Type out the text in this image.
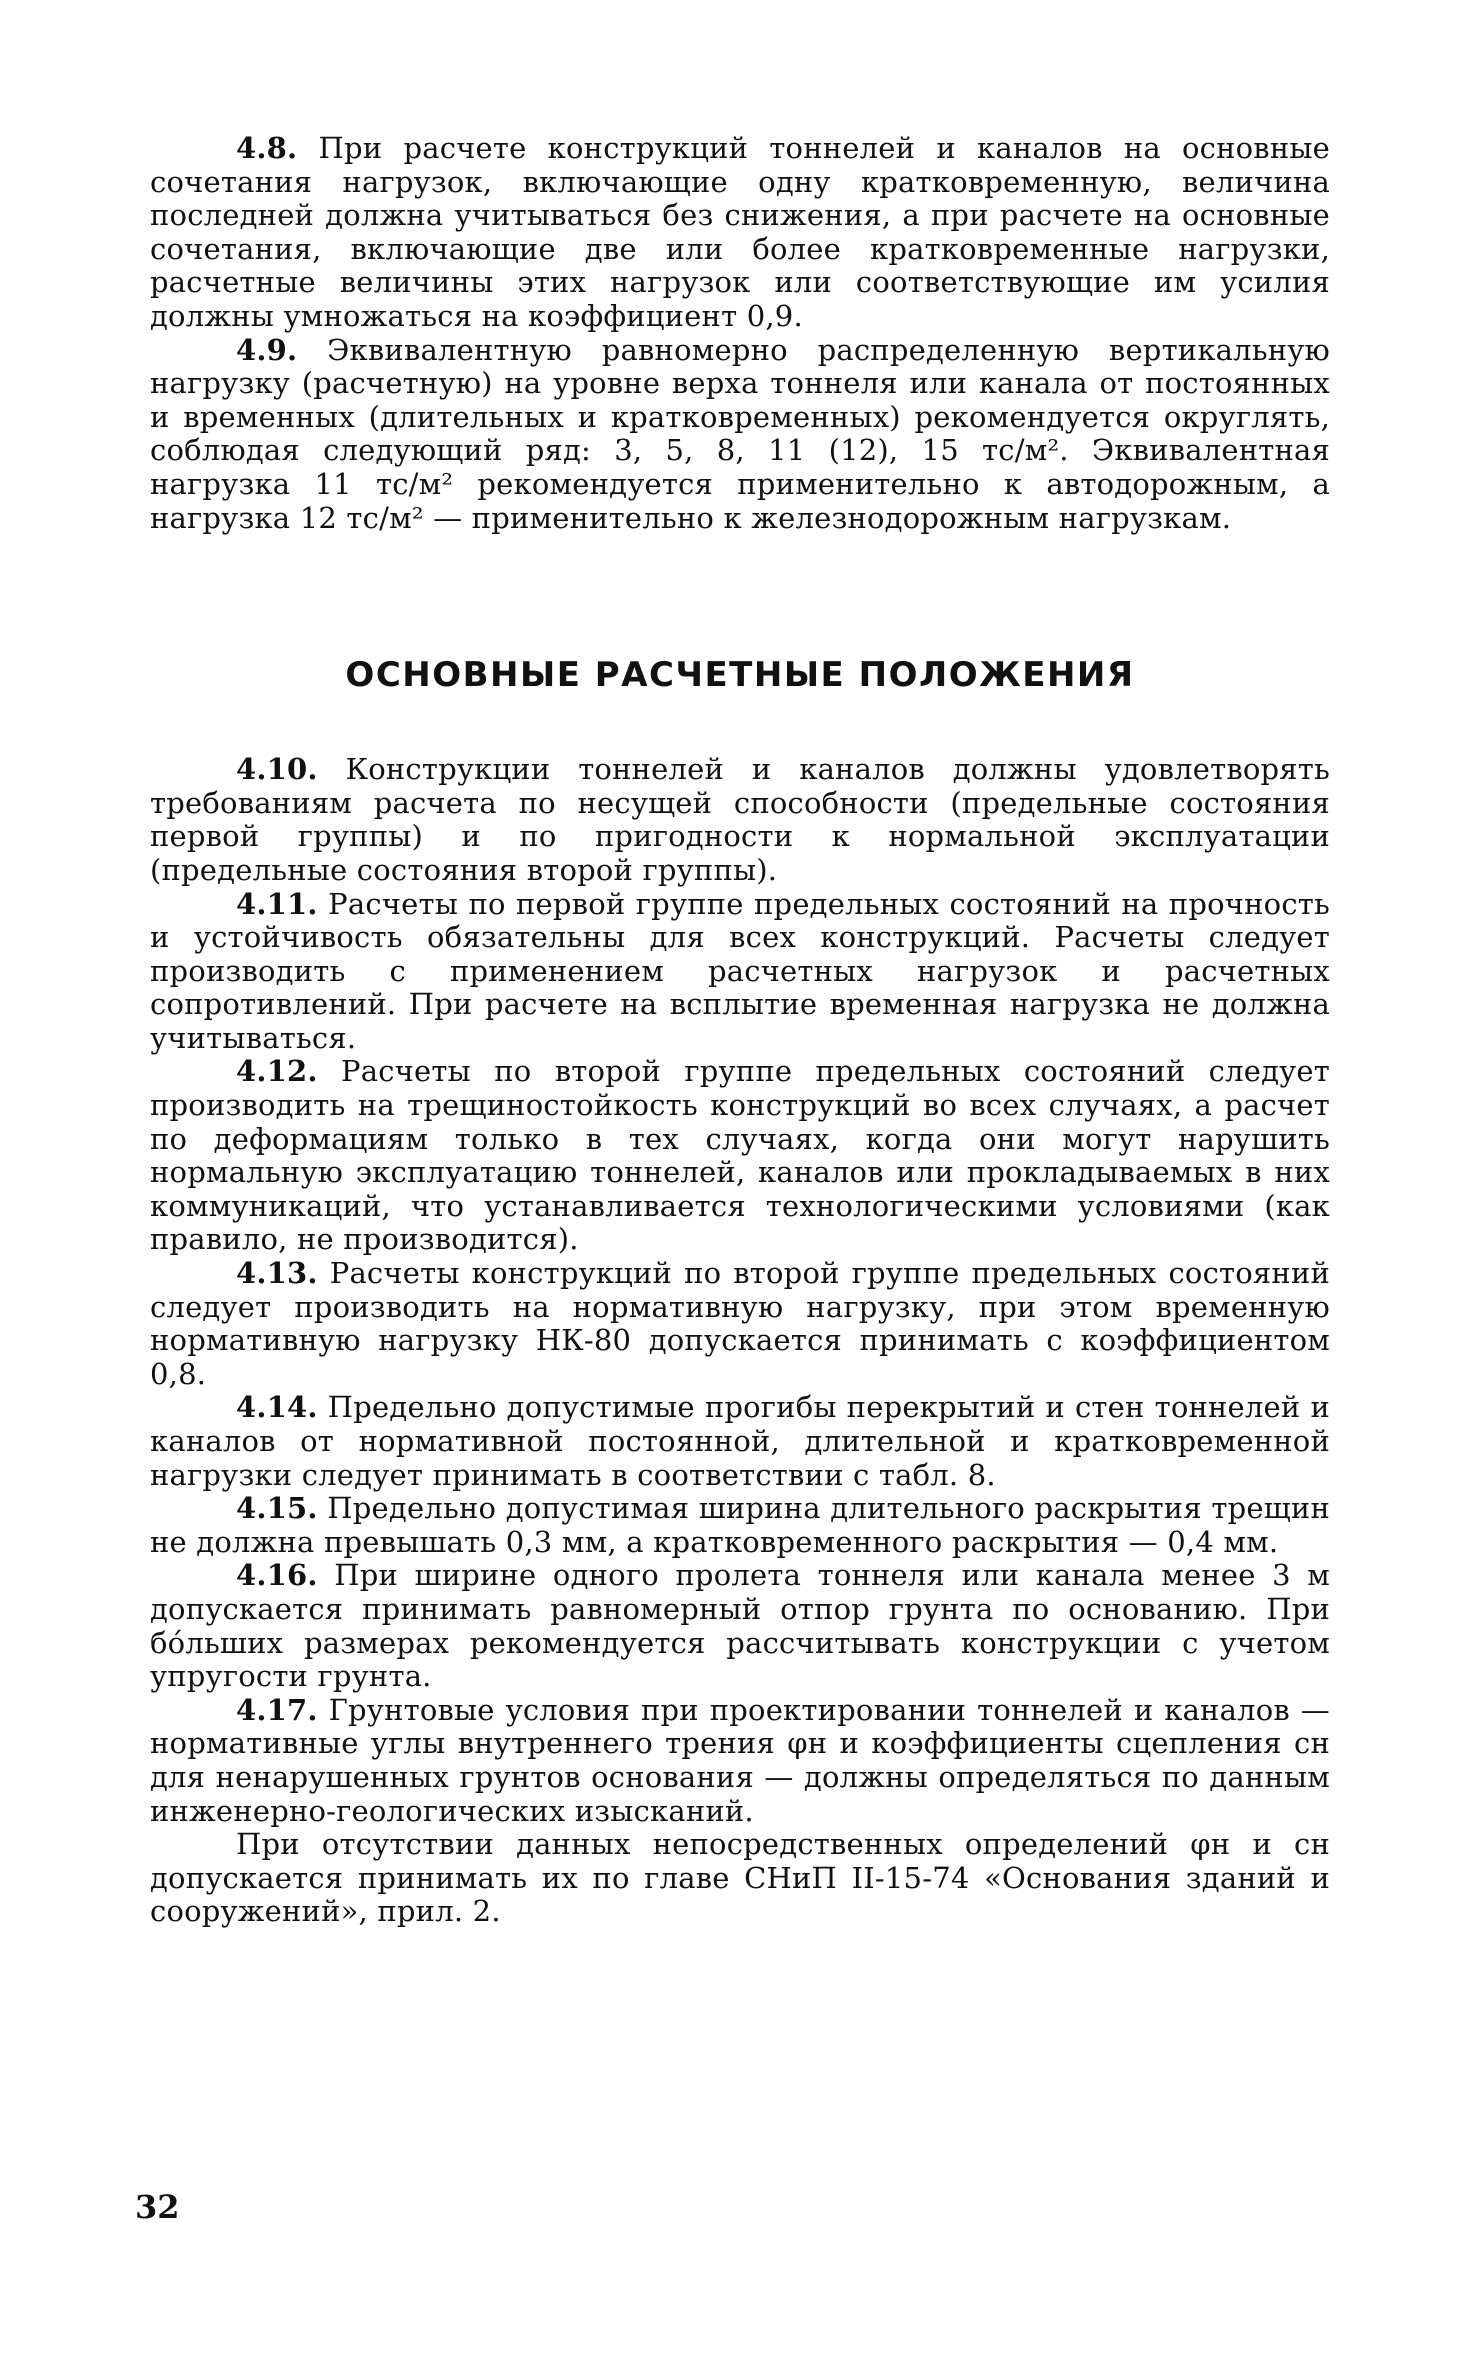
4.8. При расчете конструкций тоннелей и каналов на основные сочетания нагрузок, включающие одну кратковременную, величина последней должна учитываться без снижения, а при расчете на основные сочетания, включающие две или более кратковременные нагрузки, расчетные величины этих нагрузок или соответствующие им усилия должны умножаться на коэффициент 0,9.

4.9. Эквивалентную равномерно распределенную вертикальную нагрузку (расчетную) на уровне верха тоннеля или канала от постоянных и временных (длительных и кратковременных) рекомендуется округлять, соблюдая следующий ряд: 3, 5, 8, 11 (12), 15 тс/м². Эквивалентная нагрузка 11 тс/м² рекомендуется применительно к автодорожным, а нагрузка 12 тс/м² — применительно к железнодорожным нагрузкам.

ОСНОВНЫЕ РАСЧЕТНЫЕ ПОЛОЖЕНИЯ

4.10. Конструкции тоннелей и каналов должны удовлетворять требованиям расчета по несущей способности (предельные состояния первой группы) и по пригодности к нормальной эксплуатации (предельные состояния второй группы).

4.11. Расчеты по первой группе предельных состояний на прочность и устойчивость обязательны для всех конструкций. Расчеты следует производить с применением расчетных нагрузок и расчетных сопротивлений. При расчете на всплытие временная нагрузка не должна учитываться.

4.12. Расчеты по второй группе предельных состояний следует производить на трещиностойкость конструкций во всех случаях, а расчет по деформациям только в тех случаях, когда они могут нарушить нормальную эксплуатацию тоннелей, каналов или прокладываемых в них коммуникаций, что устанавливается технологическими условиями (как правило, не производится).

4.13. Расчеты конструкций по второй группе предельных состояний следует производить на нормативную нагрузку, при этом временную нормативную нагрузку НК-80 допускается принимать с коэффициентом 0,8.

4.14. Предельно допустимые прогибы перекрытий и стен тоннелей и каналов от нормативной постоянной, длительной и кратковременной нагрузки следует принимать в соответствии с табл. 8.

4.15. Предельно допустимая ширина длительного раскрытия трещин не должна превышать 0,3 мм, а кратковременного раскрытия — 0,4 мм.

4.16. При ширине одного пролета тоннеля или канала менее 3 м допускается принимать равномерный отпор грунта по основанию. При бóльших размерах рекомендуется рассчитывать конструкции с учетом упругости грунта.

4.17. Грунтовые условия при проектировании тоннелей и каналов — нормативные углы внутреннего трения φн и коэффициенты сцепления сн для ненарушенных грунтов основания — должны определяться по данным инженерно-геологических изысканий.

При отсутствии данных непосредственных определений φн и сн допускается принимать их по главе СНиП II-15-74 «Основания зданий и сооружений», прил. 2.

32
